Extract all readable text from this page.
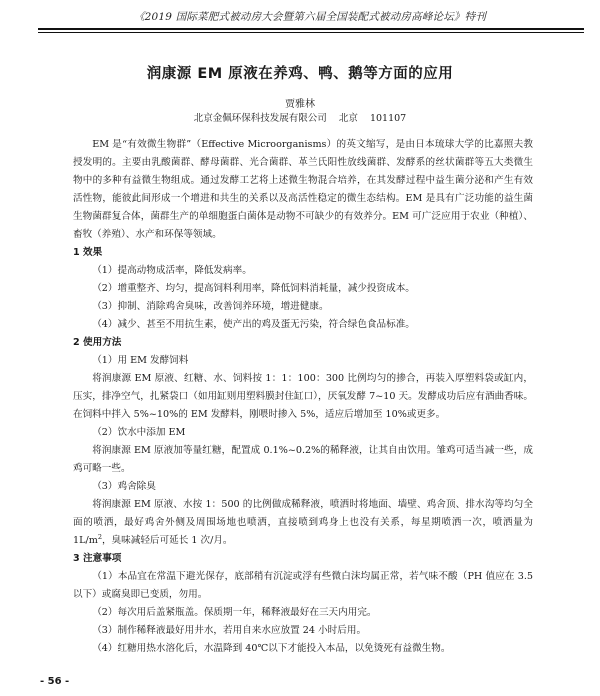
《2019 国际菜肥式被动房大会暨第六届全国装配式被动房高峰论坛》特刊
润康源 EM 原液在养鸡、鸭、鹅等方面的应用
贾雅林
北京金佩环保科技发展有限公司    北京    101107

EM 是“有效微生物群”（Effective Microorganisms）的英文缩写，是由日本琉球大学的比嘉照夫教授发明的。主要由乳酸菌群、酵母菌群、光合菌群、革兰氏阳性放线菌群、发酵系的丝状菌群等五大类微生物中的多种有益微生物组成。通过发酵工艺将上述微生物混合培养，在其发酵过程中益生菌分泌和产生有效活性物，能彼此间形成一个增进和共生的关系以及高活性稳定的微生态结构。EM 是具有广泛功能的益生菌生物菌群复合体，菌群生产的单细胞蛋白菌体是动物不可缺少的有效养分。EM 可广泛应用于农业（种植）、畜牧（养殖）、水产和环保等领域。

1 效果

（1）提高动物成活率，降低发病率。

（2）增重整齐、均匀，提高饲料利用率，降低饲料消耗量，减少投资成本。

（3）抑制、消除鸡舍臭味，改善饲养环境，增进健康。

（4）减少、甚至不用抗生素，使产出的鸡及蛋无污染，符合绿色食品标准。

2 使用方法

（1）用 EM 发酵饲料

将润康源 EM 原液、红糖、水、饲料按 1：1：100：300 比例均匀的掺合，再装入厚塑料袋或缸内，压实，排净空气，扎紧袋口（如用缸则用塑料膜封住缸口），厌氧发酵 7~10 天。发酵成功后应有酒曲香味。在饲料中拌入 5%~10%的 EM 发酵料，刚喂时掺入 5%，适应后增加至 10%或更多。

（2）饮水中添加 EM

将润康源 EM 原液加等量红糖，配置成 0.1%~0.2%的稀释液，让其自由饮用。雏鸡可适当减一些，成鸡可略一些。

（3）鸡舍除臭

将润康源 EM 原液、水按 1：500 的比例做成稀释液，喷洒时将地面、墙壁、鸡舍顶、排水沟等均匀全面的喷洒，最好鸡舍外侧及周围场地也喷洒，直接喷到鸡身上也没有关系，每星期喷洒一次，喷洒量为 $1L/m^2$，臭味减轻后可延长 1 次/月。

3 注意事项

（1）本品宜在常温下避光保存，底部稍有沉淀或浮有些微白沫均属正常，若气味不酸（PH 值应在 3.5 以下）或腐臭即已变质，勿用。

（2）每次用后盖紧瓶盖。保质期一年，稀释液最好在三天内用完。

（3）制作稀释液最好用井水，若用自来水应放置 24 小时后用。

（4）红糖用热水溶化后，水温降到 40℃以下才能投入本品，以免烫死有益微生物。

- 56 -
